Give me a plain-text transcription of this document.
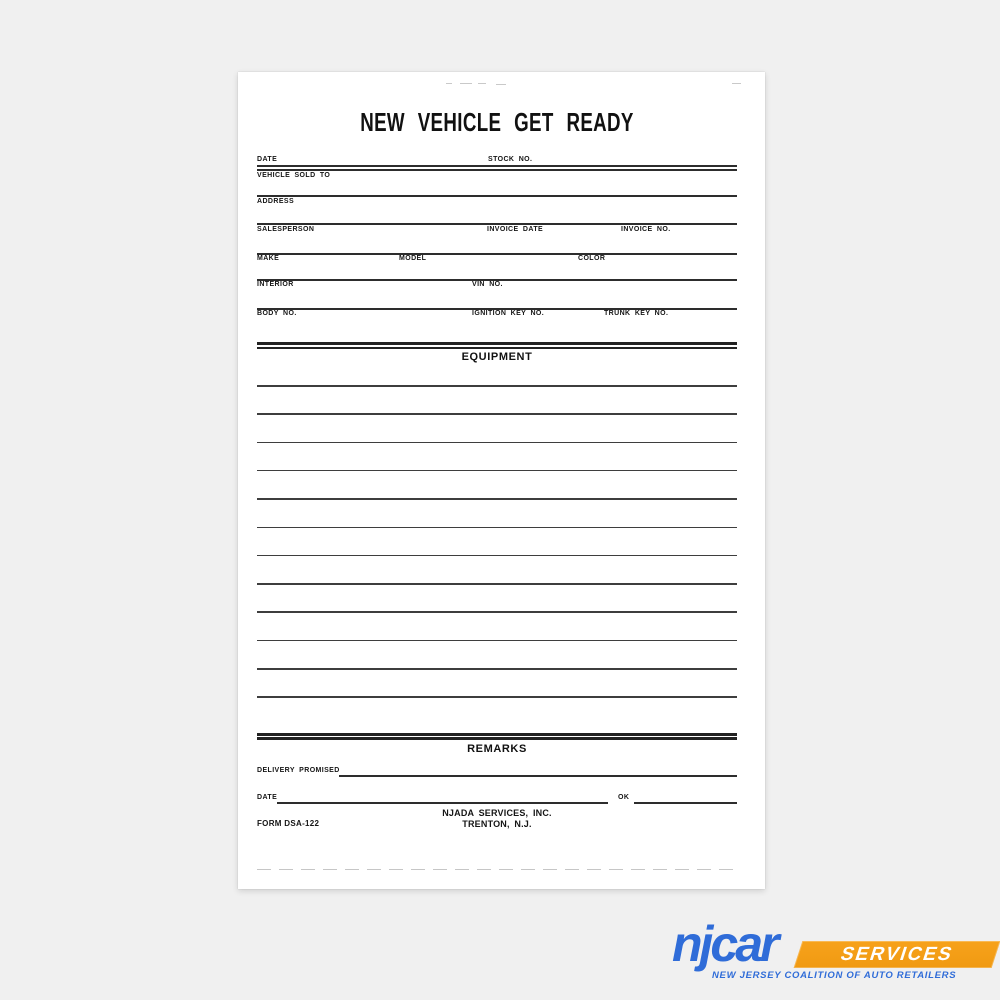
NEW VEHICLE GET READY
DATE	STOCK NO.
VEHICLE SOLD TO
ADDRESS
SALESPERSON	INVOICE DATE	INVOICE NO.
MAKE	MODEL	COLOR
INTERIOR	VIN NO.
BODY NO.	IGNITION KEY NO.	TRUNK KEY NO.
EQUIPMENT
REMARKS
DELIVERY PROMISED
DATE	OK
NJADA SERVICES, INC.
TRENTON, N.J.
FORM DSA-122
njcar	SERVICES
NEW JERSEY COALITION OF AUTO RETAILERS
